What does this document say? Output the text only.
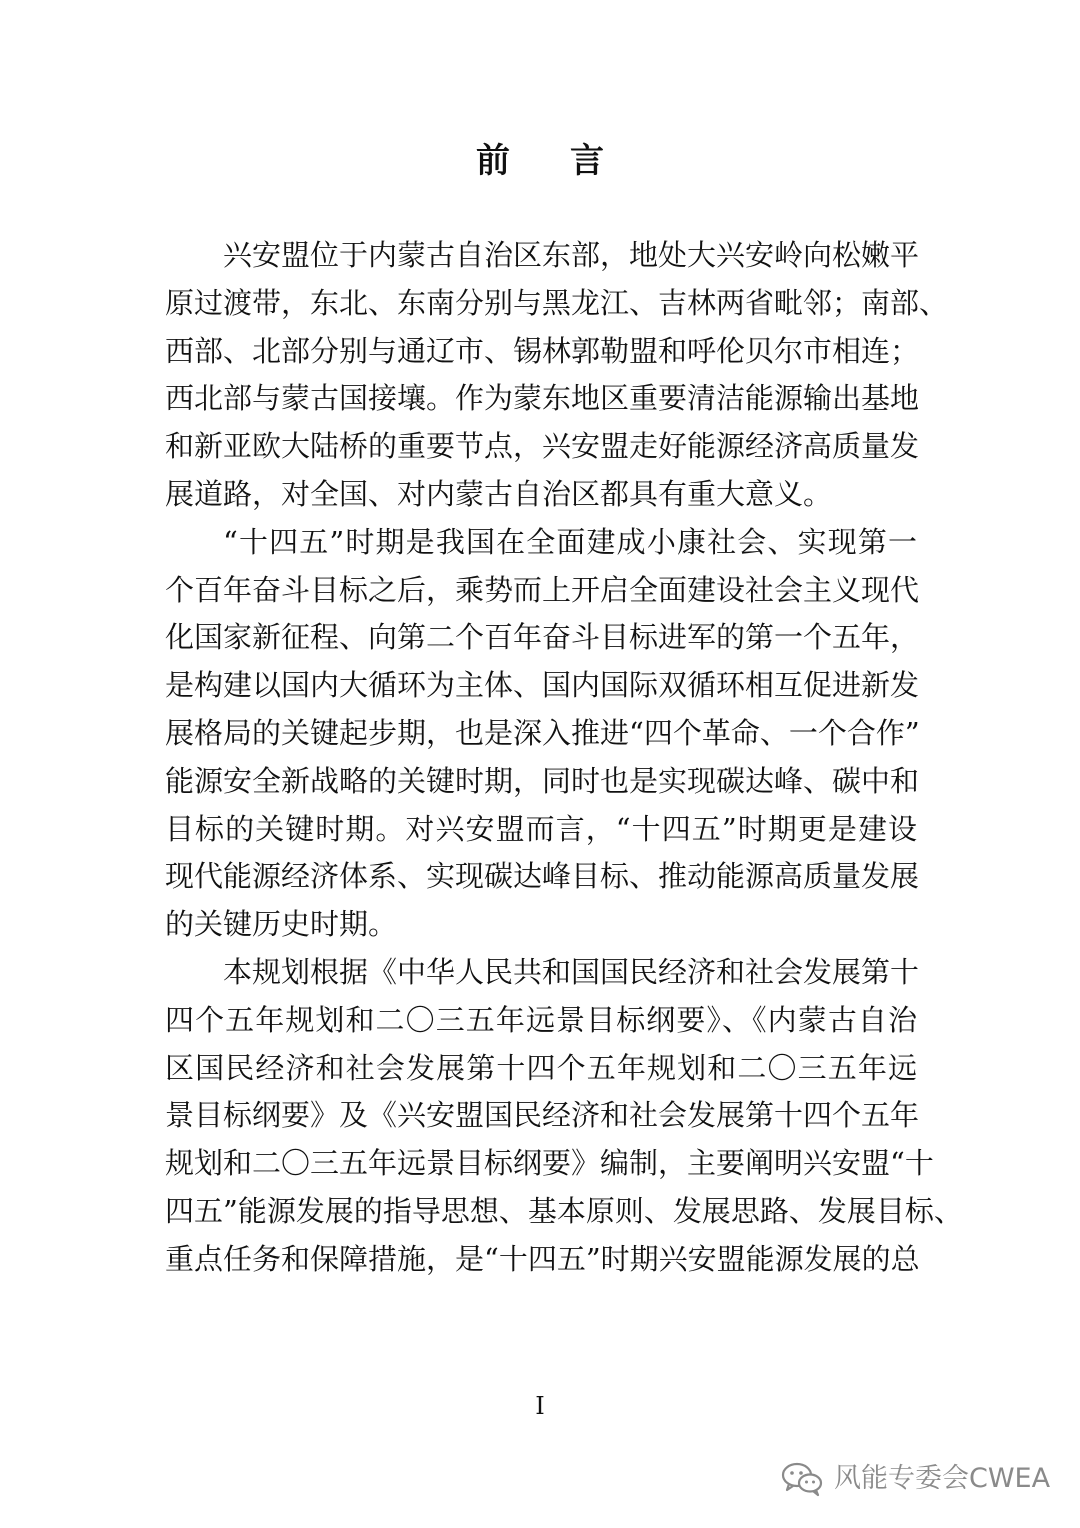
前言
兴安盟位于内蒙古自治区东部，地处大兴安岭向松嫩平
原过渡带，东北、东南分别与黑龙江、吉林两省毗邻；南部、
西部、北部分别与通辽市、锡林郭勒盟和呼伦贝尔市相连；
西北部与蒙古国接壤。作为蒙东地区重要清洁能源输出基地
和新亚欧大陆桥的重要节点，兴安盟走好能源经济高质量发
展道路，对全国、对内蒙古自治区都具有重大意义。
“十四五”时期是我国在全面建成小康社会、实现第一
个百年奋斗目标之后，乘势而上开启全面建设社会主义现代
化国家新征程、向第二个百年奋斗目标进军的第一个五年，
是构建以国内大循环为主体、国内国际双循环相互促进新发
展格局的关键起步期，也是深入推进“四个革命、一个合作”
能源安全新战略的关键时期，同时也是实现碳达峰、碳中和
目标的关键时期。对兴安盟而言，“十四五”时期更是建设
现代能源经济体系、实现碳达峰目标、推动能源高质量发展
的关键历史时期。
本规划根据《中华人民共和国国民经济和社会发展第十
四个五年规划和二〇三五年远景目标纲要》、《内蒙古自治
区国民经济和社会发展第十四个五年规划和二〇三五年远
景目标纲要》及《兴安盟国民经济和社会发展第十四个五年
规划和二〇三五年远景目标纲要》编制，主要阐明兴安盟“十
四五”能源发展的指导思想、基本原则、发展思路、发展目标、
重点任务和保障措施，是“十四五”时期兴安盟能源发展的总
I
风能专委会CWEA
